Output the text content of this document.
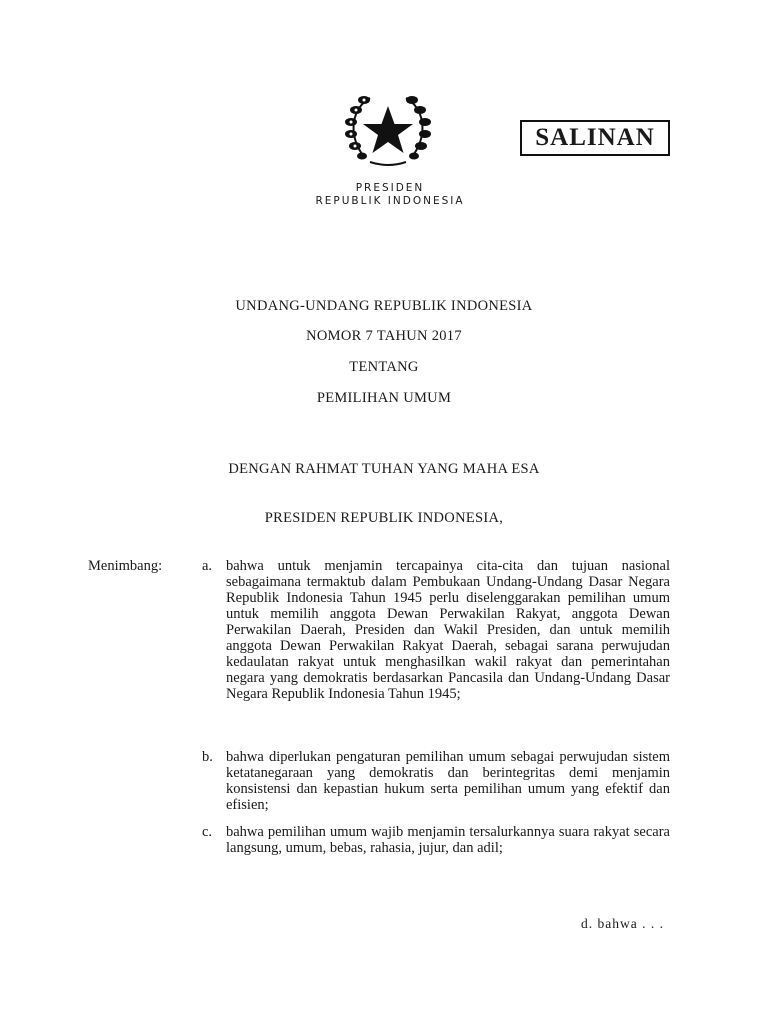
SALINAN
PRESIDEN
REPUBLIK INDONESIA
UNDANG-UNDANG REPUBLIK INDONESIA
NOMOR 7 TAHUN 2017
TENTANG
PEMILIHAN UMUM
DENGAN RAHMAT TUHAN YANG MAHA ESA
PRESIDEN REPUBLIK INDONESIA,
Menimbang:	a. bahwa untuk menjamin tercapainya cita-cita dan tujuan nasional sebagaimana termaktub dalam Pembukaan Undang-Undang Dasar Negara Republik Indonesia Tahun 1945 perlu diselenggarakan pemilihan umum untuk memilih anggota Dewan Perwakilan Rakyat, anggota Dewan Perwakilan Daerah, Presiden dan Wakil Presiden, dan untuk memilih anggota Dewan Perwakilan Rakyat Daerah, sebagai sarana perwujudan kedaulatan rakyat untuk menghasilkan wakil rakyat dan pemerintahan negara yang demokratis berdasarkan Pancasila dan Undang-Undang Dasar Negara Republik Indonesia Tahun 1945;
b. bahwa diperlukan pengaturan pemilihan umum sebagai perwujudan sistem ketatanegaraan yang demokratis dan berintegritas demi menjamin konsistensi dan kepastian hukum serta pemilihan umum yang efektif dan efisien;
c. bahwa pemilihan umum wajib menjamin tersalurkannya suara rakyat secara langsung, umum, bebas, rahasia, jujur, dan adil;
d. bahwa . . .
